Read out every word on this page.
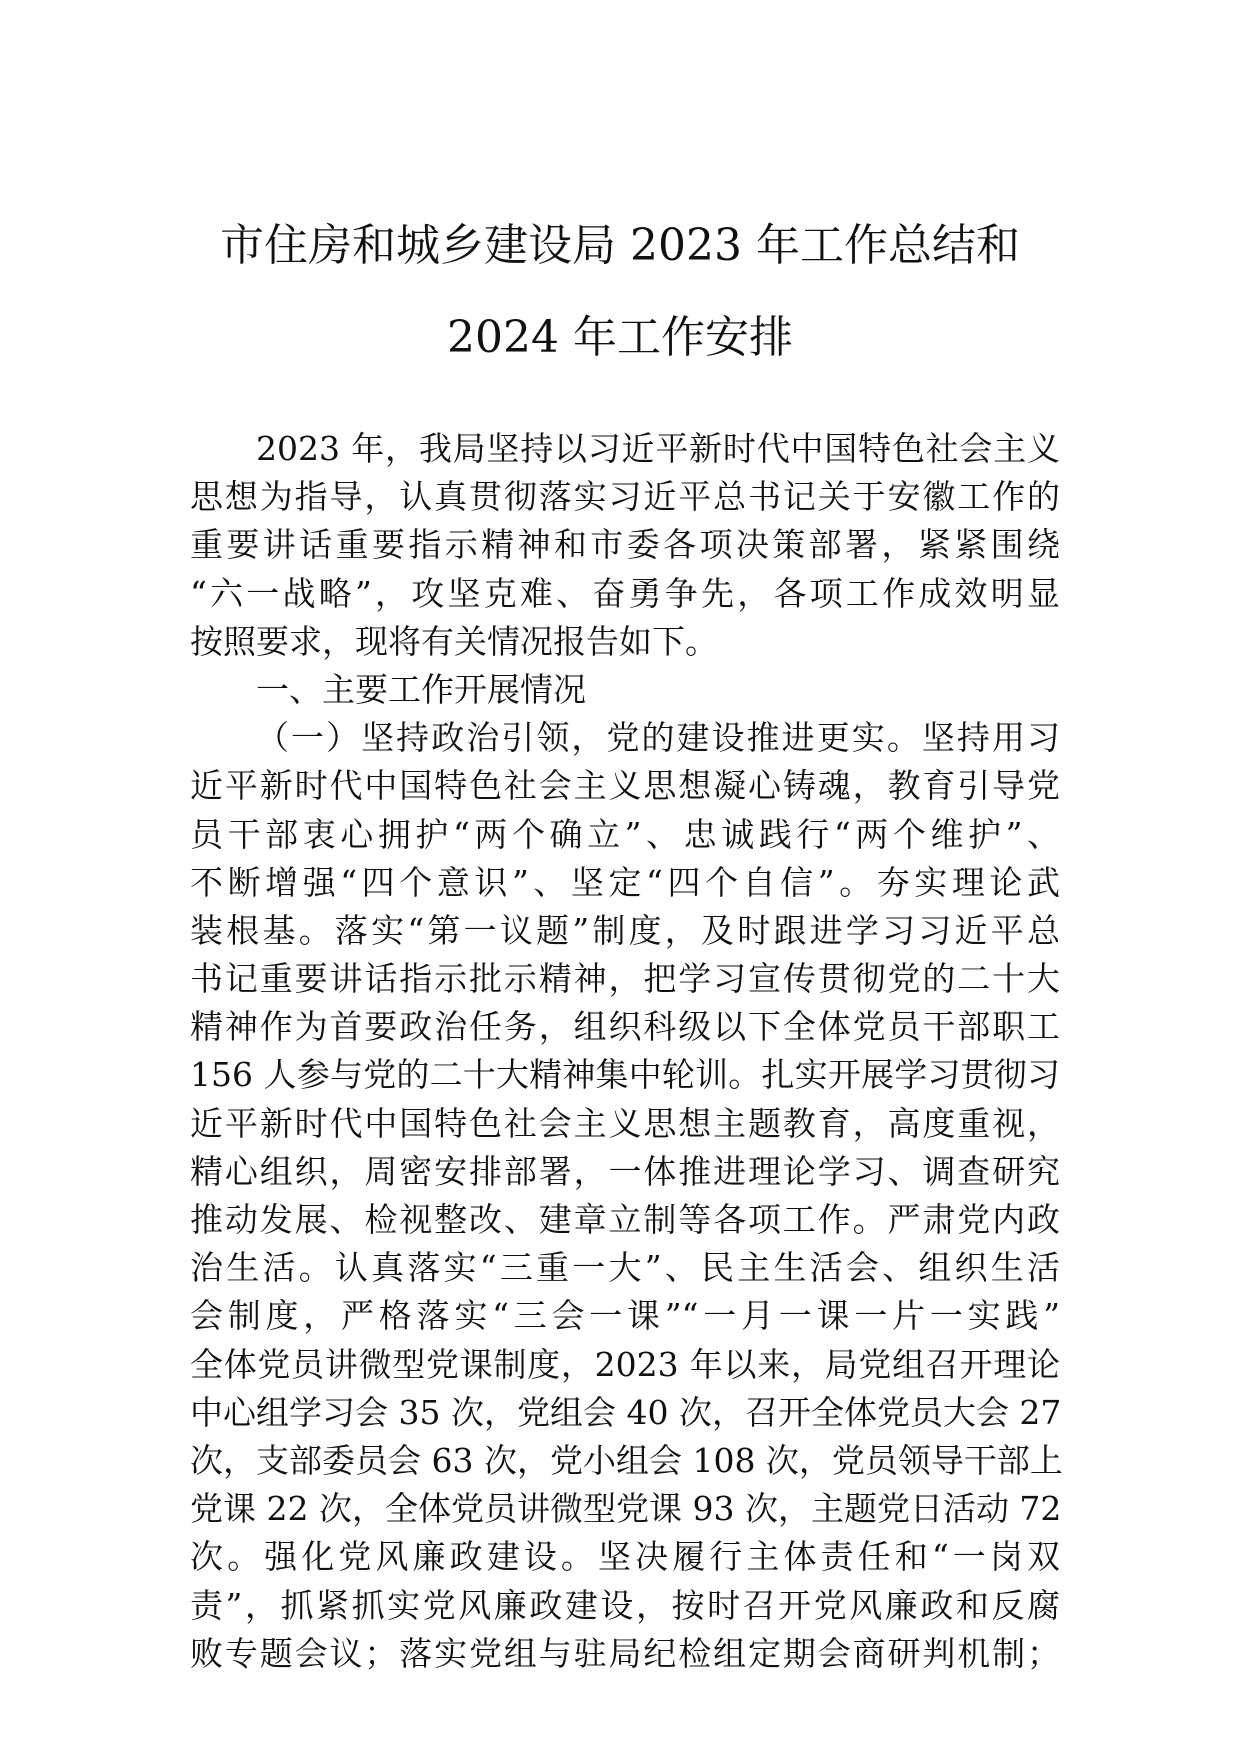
市住房和城乡建设局 2023 年工作总结和
2024 年工作安排
2023 年，我局坚持以习近平新时代中国特色社会主义
思想为指导，认真贯彻落实习近平总书记关于安徽工作的
重要讲话重要指示精神和市委各项决策部署，紧紧围绕
“六一战略”，攻坚克难、奋勇争先，各项工作成效明显
按照要求，现将有关情况报告如下。
一、主要工作开展情况
（一）坚持政治引领，党的建设推进更实。坚持用习
近平新时代中国特色社会主义思想凝心铸魂，教育引导党
员干部衷心拥护“两个确立”、忠诚践行“两个维护”、
不断增强“四个意识”、坚定“四个自信”。夯实理论武
装根基。落实“第一议题”制度，及时跟进学习习近平总
书记重要讲话指示批示精神，把学习宣传贯彻党的二十大
精神作为首要政治任务，组织科级以下全体党员干部职工
156 人参与党的二十大精神集中轮训。扎实开展学习贯彻习
近平新时代中国特色社会主义思想主题教育，高度重视，
精心组织，周密安排部署，一体推进理论学习、调查研究
推动发展、检视整改、建章立制等各项工作。严肃党内政
治生活。认真落实“三重一大”、民主生活会、组织生活
会制度，严格落实“三会一课”“一月一课一片一实践”
全体党员讲微型党课制度，2023 年以来，局党组召开理论
中心组学习会 35 次，党组会 40 次，召开全体党员大会 27
次，支部委员会 63 次，党小组会 108 次，党员领导干部上
党课 22 次，全体党员讲微型党课 93 次，主题党日活动 72
次。强化党风廉政建设。坚决履行主体责任和“一岗双
责”，抓紧抓实党风廉政建设，按时召开党风廉政和反腐
败专题会议；落实党组与驻局纪检组定期会商研判机制；
